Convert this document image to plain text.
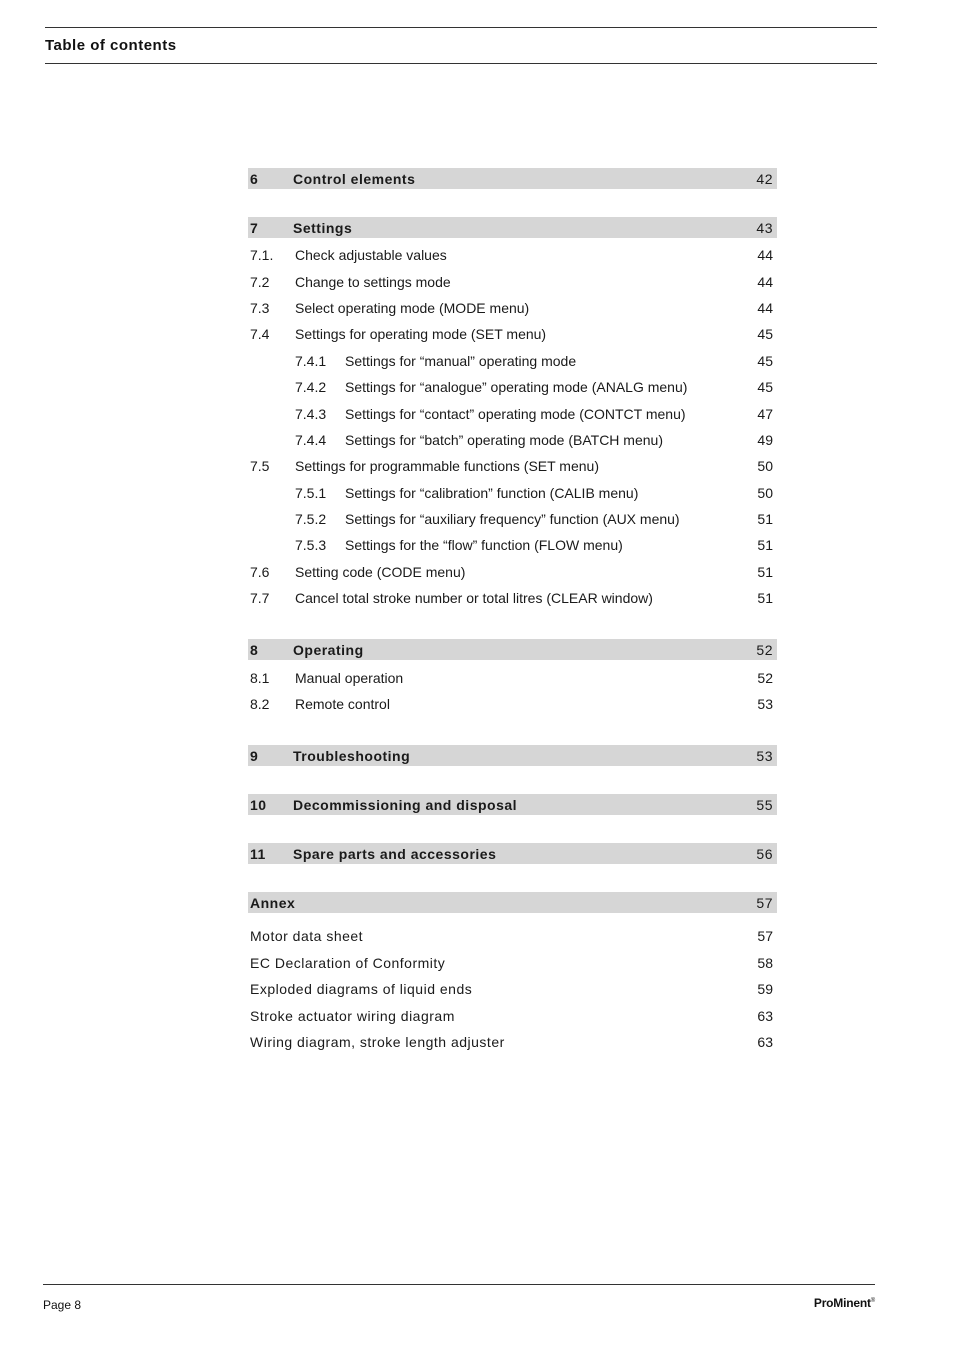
Table of contents
6	Control elements	42
7	Settings	43
7.1.	Check adjustable values	44
7.2	Change to settings mode	44
7.3	Select operating mode (MODE menu)	44
7.4	Settings for operating mode (SET menu)	45
7.4.1	Settings for “manual” operating mode	45
7.4.2	Settings for “analogue” operating mode (ANALG menu)	45
7.4.3	Settings for “contact” operating mode (CONTCT menu)	47
7.4.4	Settings for “batch” operating mode (BATCH menu)	49
7.5	Settings for programmable functions (SET menu)	50
7.5.1	Settings for “calibration” function (CALIB menu)	50
7.5.2	Settings for “auxiliary frequency” function (AUX menu)	51
7.5.3	Settings for the “flow” function (FLOW menu)	51
7.6	Setting code (CODE menu)	51
7.7	Cancel total stroke number or total litres (CLEAR window)	51
8	Operating	52
8.1	Manual operation	52
8.2	Remote control	53
9	Troubleshooting	53
10	Decommissioning and disposal	55
11	Spare parts and accessories	56
Annex	57
Motor data sheet	57
EC Declaration of Conformity	58
Exploded diagrams of liquid ends	59
Stroke actuator wiring diagram	63
Wiring diagram, stroke length adjuster	63
Page 8	ProMinent®
